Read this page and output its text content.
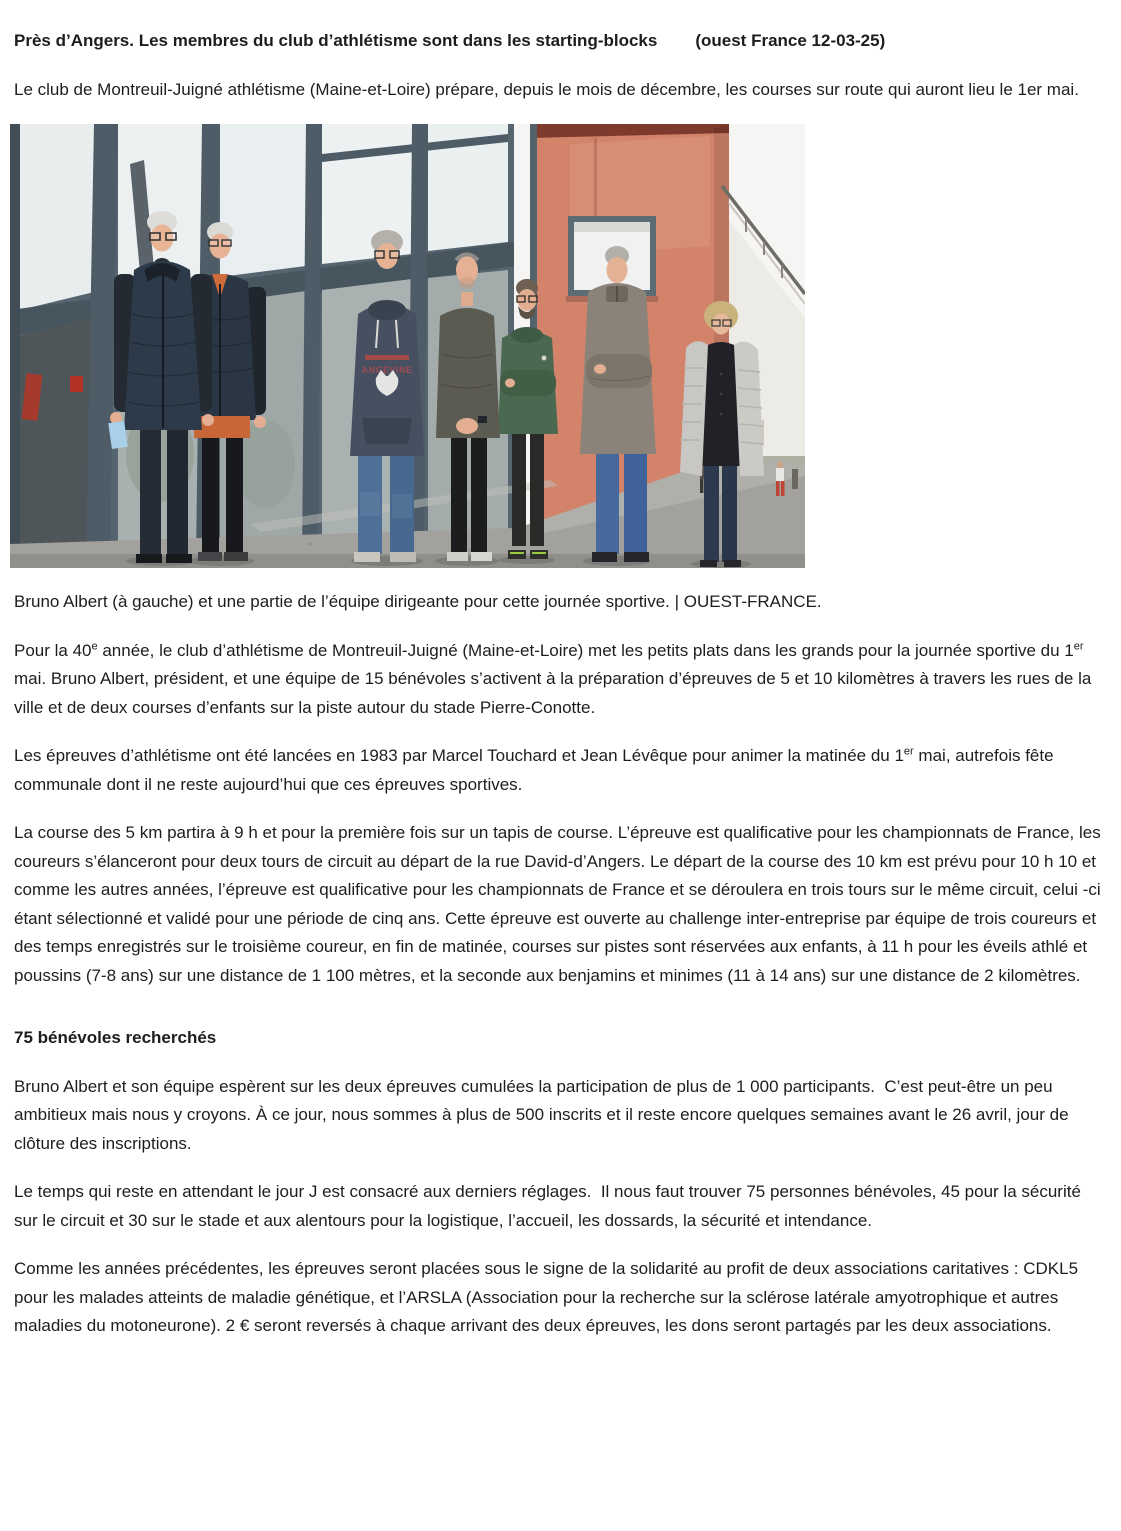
Près d’Angers. Les membres du club d’athlétisme sont dans les starting-blocks (ouest France 12-03-25)

Le club de Montreuil-Juigné athlétisme (Maine-et-Loire) prépare, depuis le mois de décembre, les courses sur route qui auront lieu le 1er mai.

ANGEVINE

Bruno Albert (à gauche) et une partie de l’équipe dirigeante pour cette journée sportive. | OUEST-FRANCE.

Pour la 40e année, le club d’athlétisme de Montreuil-Juigné (Maine-et-Loire) met les petits plats dans les grands pour la journée sportive du 1er mai. Bruno Albert, président, et une équipe de 15 bénévoles s’activent à la préparation d’épreuves de 5 et 10 kilomètres à travers les rues de la ville et de deux courses d’enfants sur la piste autour du stade Pierre-Conotte.

Les épreuves d’athlétisme ont été lancées en 1983 par Marcel Touchard et Jean Lévêque pour animer la matinée du 1er mai, autrefois fête communale dont il ne reste aujourd’hui que ces épreuves sportives.

La course des 5 km partira à 9 h et pour la première fois sur un tapis de course. L’épreuve est qualificative pour les championnats de France, les coureurs s’élanceront pour deux tours de circuit au départ de la rue David-d’Angers. Le départ de la course des 10 km est prévu pour 10 h 10 et comme les autres années, l’épreuve est qualificative pour les championnats de France et se déroulera en trois tours sur le même circuit, celui -ci étant sélectionné et validé pour une période de cinq ans. Cette épreuve est ouverte au challenge inter-entreprise par équipe de trois coureurs et des temps enregistrés sur le troisième coureur, en fin de matinée, courses sur pistes sont réservées aux enfants, à 11 h pour les éveils athlé et poussins (7-8 ans) sur une distance de 1 100 mètres, et la seconde aux benjamins et minimes (11 à 14 ans) sur une distance de 2 kilomètres.

75 bénévoles recherchés

Bruno Albert et son équipe espèrent sur les deux épreuves cumulées la participation de plus de 1 000 participants.  C’est peut-être un peu ambitieux mais nous y croyons. À ce jour, nous sommes à plus de 500 inscrits et il reste encore quelques semaines avant le 26 avril, jour de clôture des inscriptions.

Le temps qui reste en attendant le jour J est consacré aux derniers réglages.  Il nous faut trouver 75 personnes bénévoles, 45 pour la sécurité sur le circuit et 30 sur le stade et aux alentours pour la logistique, l’accueil, les dossards, la sécurité et intendance.

Comme les années précédentes, les épreuves seront placées sous le signe de la solidarité au profit de deux associations caritatives : CDKL5 pour les malades atteints de maladie génétique, et l’ARSLA (Association pour la recherche sur la sclérose latérale amyotrophique et autres maladies du motoneurone). 2 € seront reversés à chaque arrivant des deux épreuves, les dons seront partagés par les deux associations.
